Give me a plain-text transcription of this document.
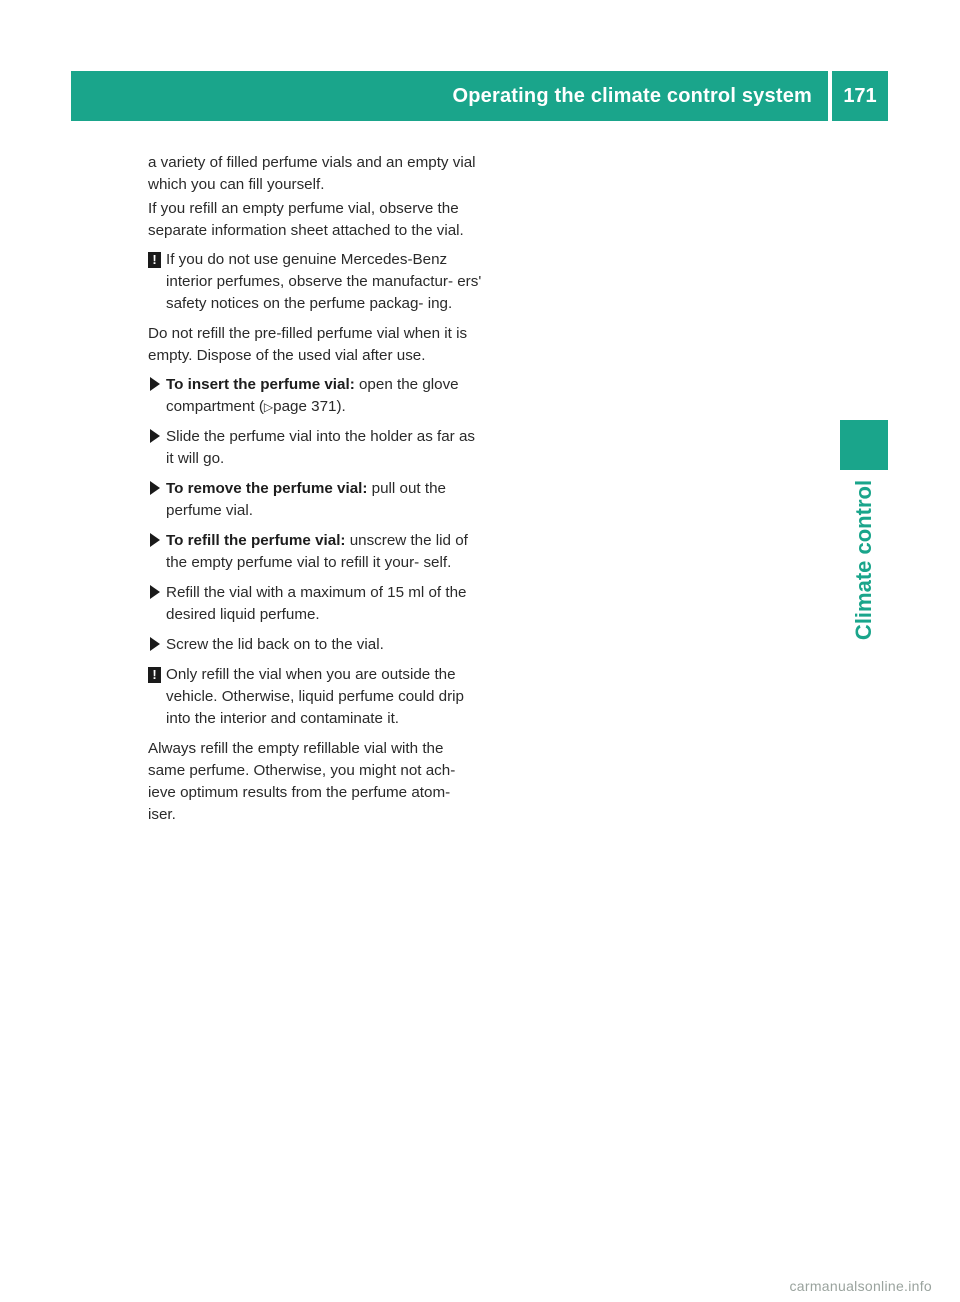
Operating the climate control system	171
Climate control

a variety of filled perfume vials and an empty vial which you can fill yourself.

If you refill an empty perfume vial, observe the separate information sheet attached to the vial.

! If you do not use genuine Mercedes-Benz interior perfumes, observe the manufactur- ers' safety notices on the perfume packag- ing.

Do not refill the pre-filled perfume vial when it is empty. Dispose of the used vial after use.

To insert the perfume vial: open the glove compartment (▷page 371).
Slide the perfume vial into the holder as far as it will go.
To remove the perfume vial: pull out the perfume vial.
To refill the perfume vial: unscrew the lid of the empty perfume vial to refill it your- self.
Refill the vial with a maximum of 15 ml of the desired liquid perfume.
Screw the lid back on to the vial.
! Only refill the vial when you are outside the vehicle. Otherwise, liquid perfume could drip into the interior and contaminate it.

Always refill the empty refillable vial with the same perfume. Otherwise, you might not ach- ieve optimum results from the perfume atom- iser.

carmanualsonline.info
